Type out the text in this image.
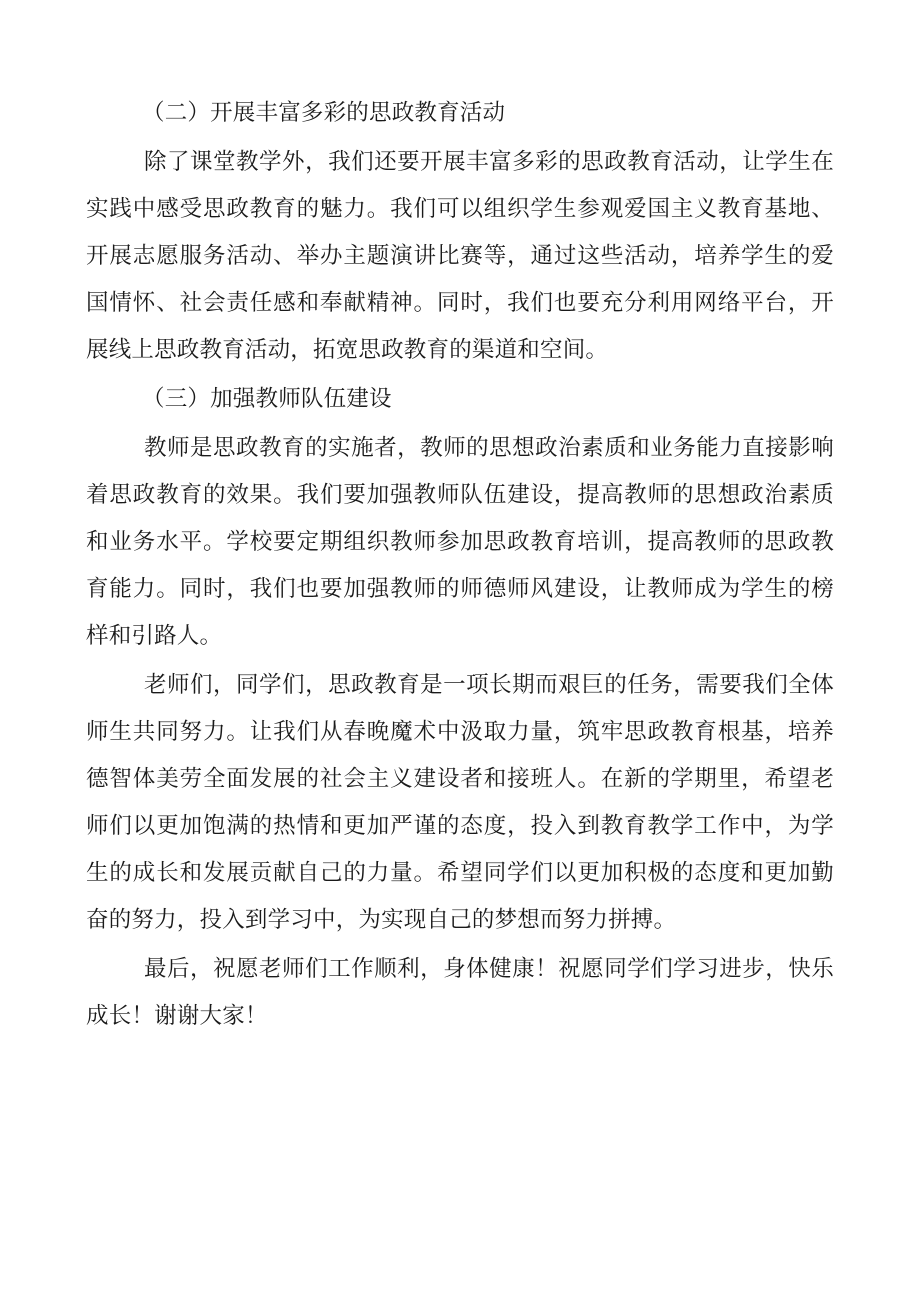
（二）开展丰富多彩的思政教育活动

除了课堂教学外，我们还要开展丰富多彩的思政教育活动，让学生在实践中感受思政教育的魅力。我们可以组织学生参观爱国主义教育基地、开展志愿服务活动、举办主题演讲比赛等，通过这些活动，培养学生的爱国情怀、社会责任感和奉献精神。同时，我们也要充分利用网络平台，开展线上思政教育活动，拓宽思政教育的渠道和空间。

（三）加强教师队伍建设

教师是思政教育的实施者，教师的思想政治素质和业务能力直接影响着思政教育的效果。我们要加强教师队伍建设，提高教师的思想政治素质和业务水平。学校要定期组织教师参加思政教育培训，提高教师的思政教育能力。同时，我们也要加强教师的师德师风建设，让教师成为学生的榜样和引路人。

老师们，同学们，思政教育是一项长期而艰巨的任务，需要我们全体师生共同努力。让我们从春晚魔术中汲取力量，筑牢思政教育根基，培养德智体美劳全面发展的社会主义建设者和接班人。在新的学期里，希望老师们以更加饱满的热情和更加严谨的态度，投入到教育教学工作中，为学生的成长和发展贡献自己的力量。希望同学们以更加积极的态度和更加勤奋的努力，投入到学习中，为实现自己的梦想而努力拼搏。

最后，祝愿老师们工作顺利，身体健康！祝愿同学们学习进步，快乐成长！谢谢大家！
